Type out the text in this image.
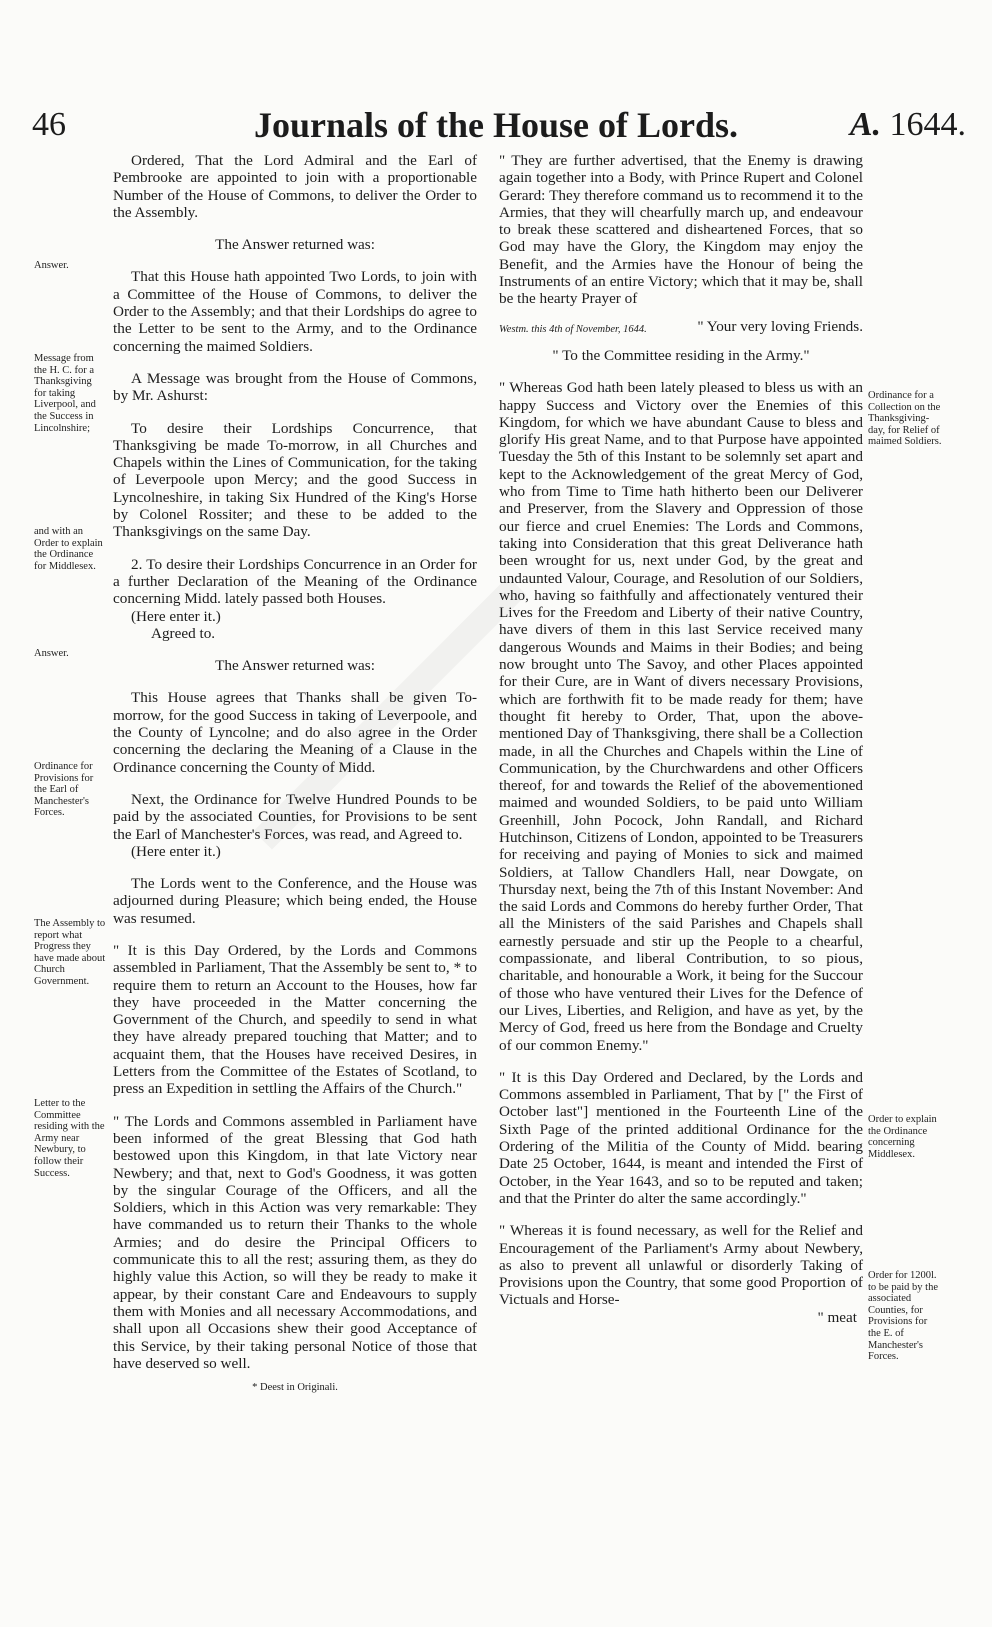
46	Journals of the House of Lords.	A. 1644.

Ordered, That the Lord Admiral and the Earl of Pembrooke are appointed to join with a proportionable Number of the House of Commons, to deliver the Order to the Assembly.

The Answer returned was:

That this House hath appointed Two Lords, to join with a Committee of the House of Commons, to deliver the Order to the Assembly; and that their Lordships do agree to the Letter to be sent to the Army, and to the Ordinance concerning the maimed Soldiers.

A Message was brought from the House of Commons, by Mr. Ashurst:

To desire their Lordships Concurrence, that Thanksgiving be made To-morrow, in all Churches and Chapels within the Lines of Communication, for the taking of Leverpoole upon Mercy; and the good Success in Lyncolneshire, in taking Six Hundred of the King's Horse by Colonel Rossiter; and these to be added to the Thanksgivings on the same Day.

2. To desire their Lordships Concurrence in an Order for a further Declaration of the Meaning of the Ordinance concerning Midd. lately passed both Houses.

(Here enter it.)
Agreed to.

The Answer returned was:

This House agrees that Thanks shall be given To-morrow, for the good Success in taking of Leverpoole, and the County of Lyncolne; and do also agree in the Order concerning the declaring the Meaning of a Clause in the Ordinance concerning the County of Midd.

Next, the Ordinance for Twelve Hundred Pounds to be paid by the associated Counties, for Provisions to be sent the Earl of Manchester's Forces, was read, and Agreed to.

(Here enter it.)

The Lords went to the Conference, and the House was adjourned during Pleasure; which being ended, the House was resumed.

" It is this Day Ordered, by the Lords and Commons assembled in Parliament, That the Assembly be sent to, * to require them to return an Account to the Houses, how far they have proceeded in the Matter concerning the Government of the Church, and speedily to send in what they have already prepared touching that Matter; and to acquaint them, that the Houses have received Desires, in Letters from the Committee of the Estates of Scotland, to press an Expedition in settling the Affairs of the Church."

" The Lords and Commons assembled in Parliament have been informed of the great Blessing that God hath bestowed upon this Kingdom, in that late Victory near Newbery; and that, next to God's Goodness, it was gotten by the singular Courage of the Officers, and all the Soldiers, which in this Action was very remarkable: They have commanded us to return their Thanks to the whole Armies; and do desire the Principal Officers to communicate this to all the rest; assuring them, as they do highly value this Action, so will they be ready to make it appear, by their constant Care and Endeavours to supply them with Monies and all necessary Accommodations, and shall upon all Occasions shew their good Acceptance of this Service, by their taking personal Notice of those that have deserved so well.

* Deest in Originali.

" They are further advertised, that the Enemy is drawing again together into a Body, with Prince Rupert and Colonel Gerard: They therefore command us to recommend it to the Armies, that they will chearfully march up, and endeavour to break these scattered and disheartened Forces, that so God may have the Glory, the Kingdom may enjoy the Benefit, and the Armies have the Honour of being the Instruments of an entire Victory; which that it may be, shall be the hearty Prayer of

Westm. this 4th of November, 1644.	" Your very loving Friends.

" To the Committee residing in the Army."

" Whereas God hath been lately pleased to bless us with an happy Success and Victory over the Enemies of this Kingdom, for which we have abundant Cause to bless and glorify His great Name, and to that Purpose have appointed Tuesday the 5th of this Instant to be solemnly set apart and kept to the Acknowledgement of the great Mercy of God, who from Time to Time hath hitherto been our Deliverer and Preserver, from the Slavery and Oppression of those our fierce and cruel Enemies: The Lords and Commons, taking into Consideration that this great Deliverance hath been wrought for us, next under God, by the great and undaunted Valour, Courage, and Resolution of our Soldiers, who, having so faithfully and affectionately ventured their Lives for the Freedom and Liberty of their native Country, have divers of them in this last Service received many dangerous Wounds and Maims in their Bodies; and being now brought unto The Savoy, and other Places appointed for their Cure, are in Want of divers necessary Provisions, which are forthwith fit to be made ready for them; have thought fit hereby to Order, That, upon the above-mentioned Day of Thanksgiving, there shall be a Collection made, in all the Churches and Chapels within the Line of Communication, by the Churchwardens and other Officers thereof, for and towards the Relief of the abovementioned maimed and wounded Soldiers, to be paid unto William Greenhill, John Pocock, John Randall, and Richard Hutchinson, Citizens of London, appointed to be Treasurers for receiving and paying of Monies to sick and maimed Soldiers, at Tallow Chandlers Hall, near Dowgate, on Thursday next, being the 7th of this Instant November: And the said Lords and Commons do hereby further Order, That all the Ministers of the said Parishes and Chapels shall earnestly persuade and stir up the People to a chearful, compassionate, and liberal Contribution, to so pious, charitable, and honourable a Work, it being for the Succour of those who have ventured their Lives for the Defence of our Lives, Liberties, and Religion, and have as yet, by the Mercy of God, freed us here from the Bondage and Cruelty of our common Enemy."

" It is this Day Ordered and Declared, by the Lords and Commons assembled in Parliament, That by [" the First of October last"] mentioned in the Fourteenth Line of the Sixth Page of the printed additional Ordinance for the Ordering of the Militia of the County of Midd. bearing Date 25 October, 1644, is meant and intended the First of October, in the Year 1643, and so to be reputed and taken; and that the Printer do alter the same accordingly."

" Whereas it is found necessary, as well for the Relief and Encouragement of the Parliament's Army about Newbery, as also to prevent all unlawful or disorderly Taking of Provisions upon the Country, that some good Proportion of Victuals and Horse-

" meat
Answer.
Message from the H. C. for a Thanksgiving for taking Liverpool, and the Success in Lincolnshire;
and with an Order to explain the Ordinance for Middlesex.
Answer.
Ordinance for Provisions for the Earl of Manchester's Forces.
The Assembly to report what Progress they have made about Church Government.
Letter to the Committee residing with the Army near Newbury, to follow their Success.
Ordinance for a Collection on the Thanksgiving-day, for Relief of maimed Soldiers.
Order to explain the Ordinance concerning Middlesex.
Order for 1200l. to be paid by the associated Counties, for Provisions for the E. of Manchester's Forces.
